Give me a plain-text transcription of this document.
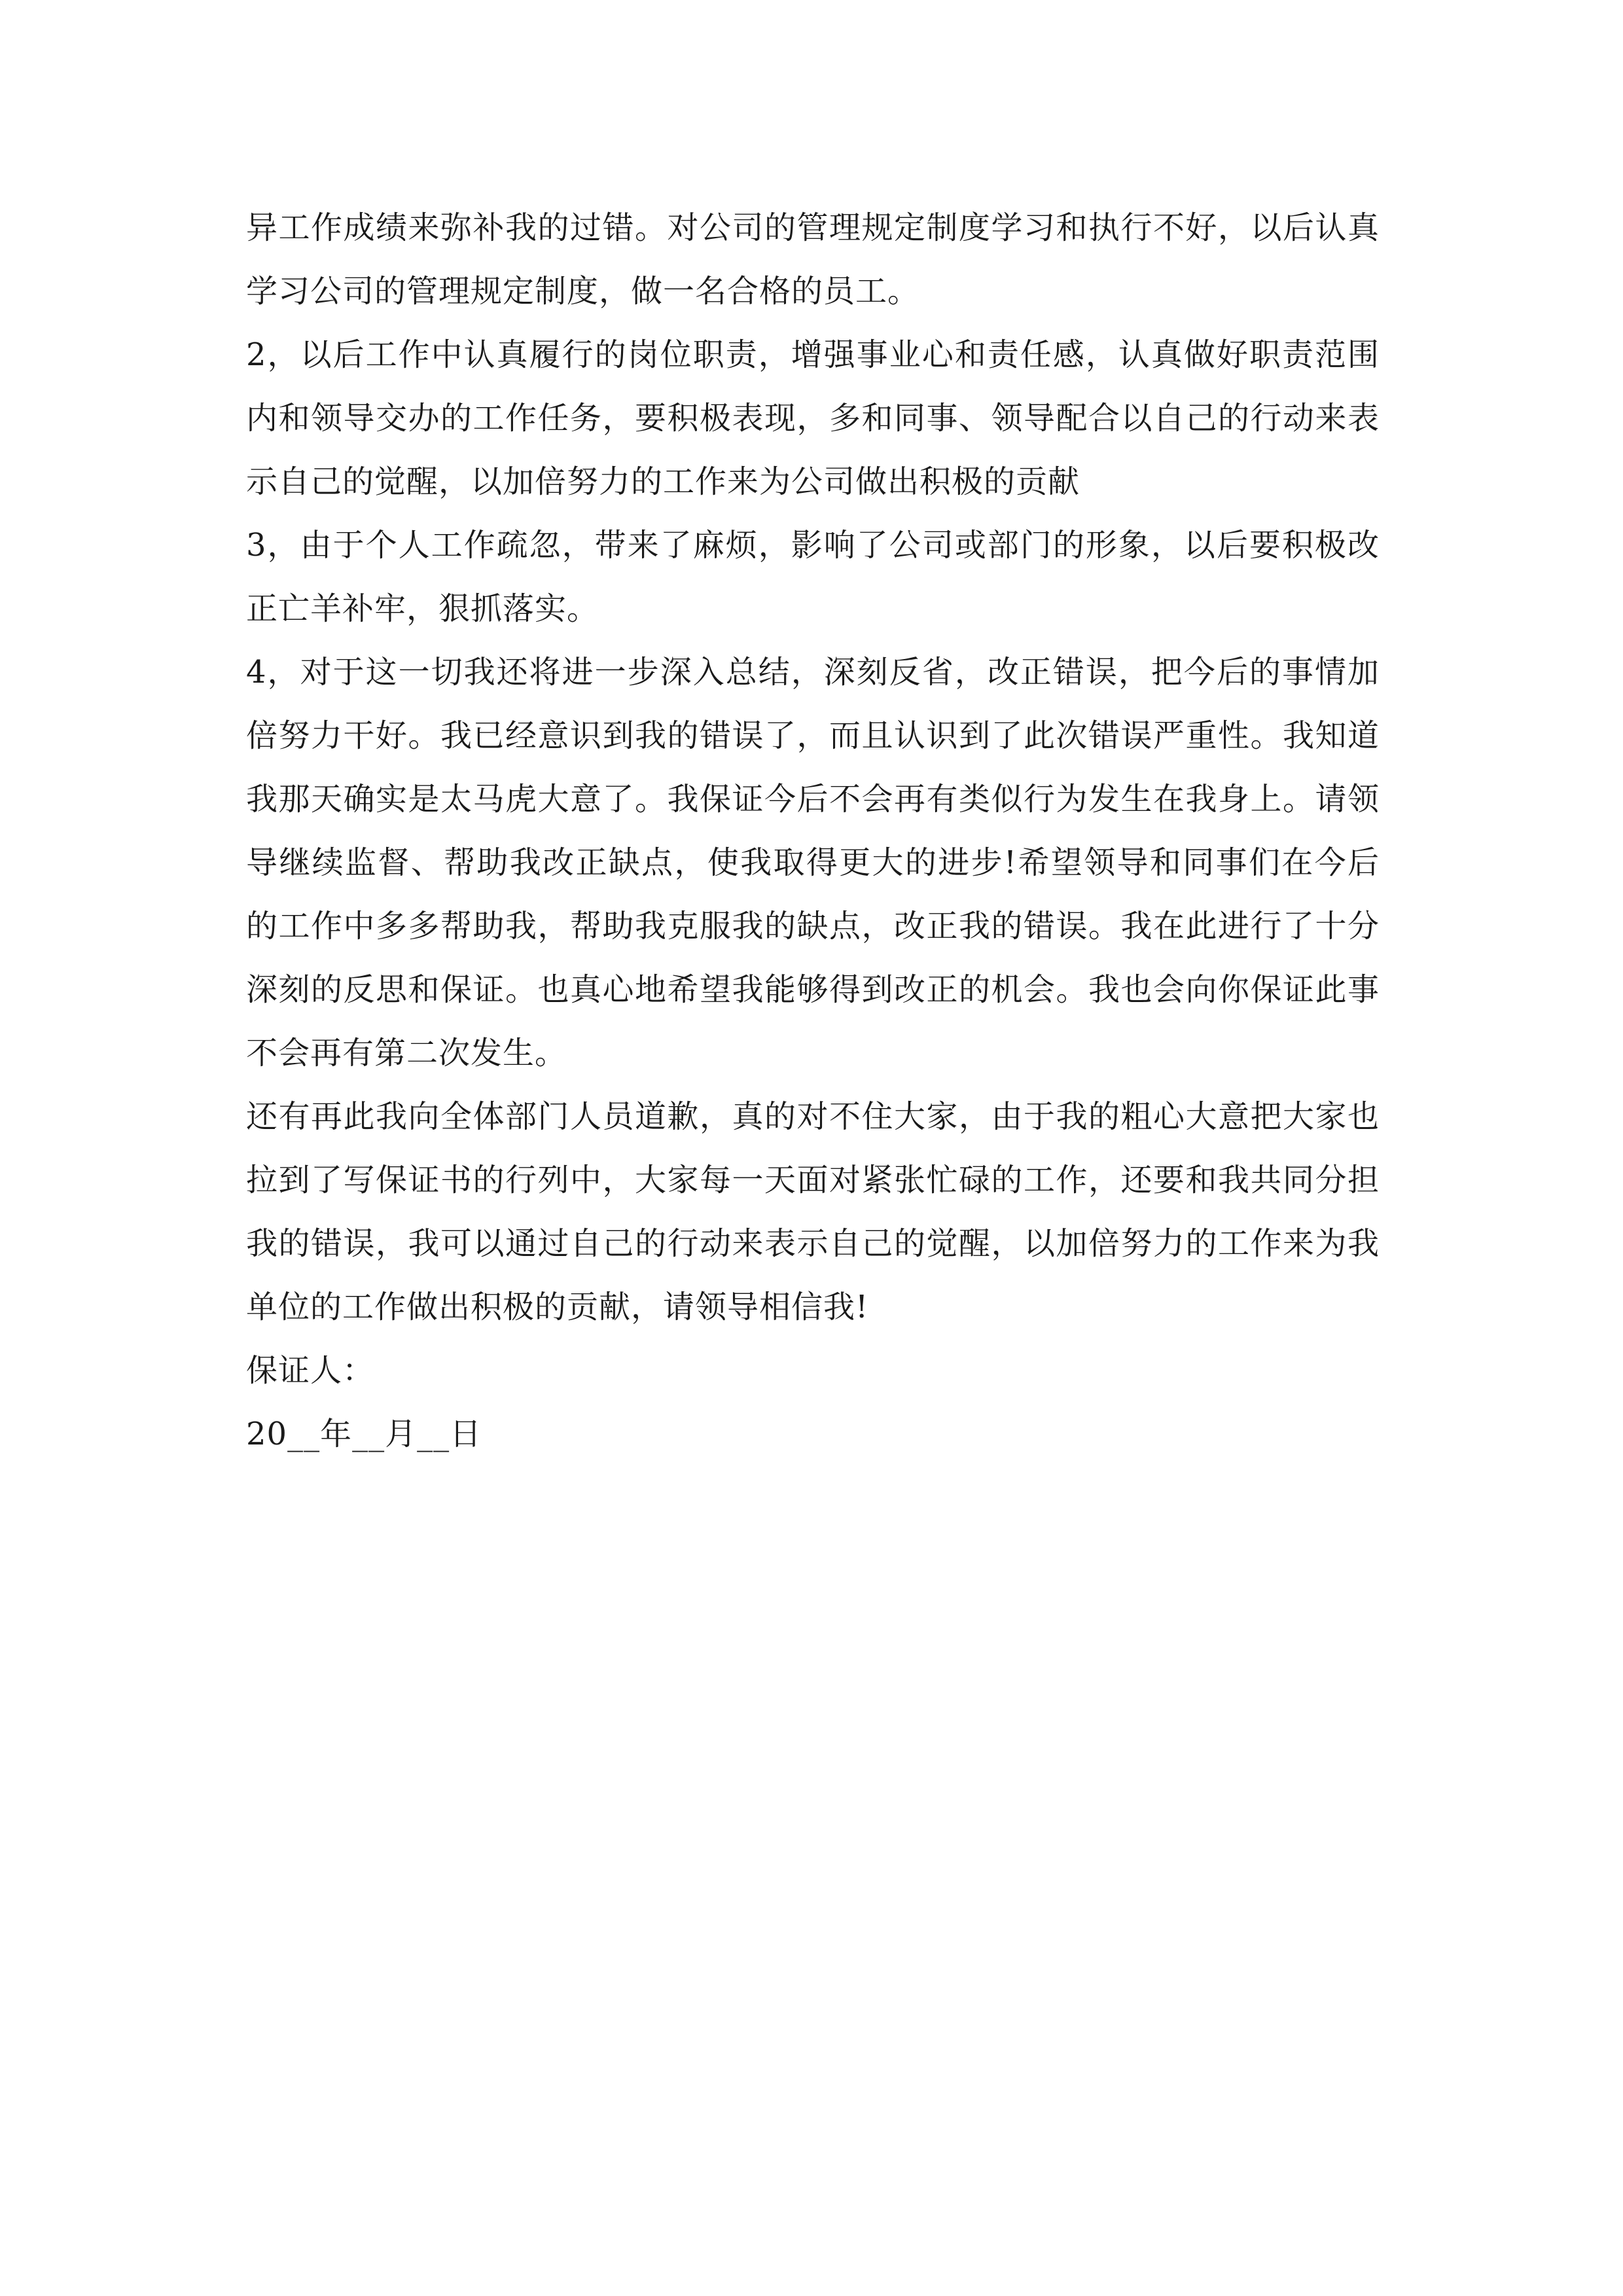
异工作成绩来弥补我的过错。对公司的管理规定制度学习和执行不好，以后认真学习公司的管理规定制度，做一名合格的员工。

2，以后工作中认真履行的岗位职责，增强事业心和责任感，认真做好职责范围内和领导交办的工作任务，要积极表现，多和同事、领导配合以自己的行动来表示自己的觉醒，以加倍努力的工作来为公司做出积极的贡献

3，由于个人工作疏忽，带来了麻烦，影响了公司或部门的形象，以后要积极改正亡羊补牢，狠抓落实。

4，对于这一切我还将进一步深入总结，深刻反省，改正错误，把今后的事情加倍努力干好。我已经意识到我的错误了，而且认识到了此次错误严重性。我知道我那天确实是太马虎大意了。我保证今后不会再有类似行为发生在我身上。请领导继续监督、帮助我改正缺点，使我取得更大的进步!希望领导和同事们在今后的工作中多多帮助我，帮助我克服我的缺点，改正我的错误。我在此进行了十分深刻的反思和保证。也真心地希望我能够得到改正的机会。我也会向你保证此事不会再有第二次发生。

还有再此我向全体部门人员道歉，真的对不住大家，由于我的粗心大意把大家也拉到了写保证书的行列中，大家每一天面对紧张忙碌的工作，还要和我共同分担我的错误，我可以通过自己的行动来表示自己的觉醒，以加倍努力的工作来为我单位的工作做出积极的贡献，请领导相信我!

保证人：

20__年__月__日
